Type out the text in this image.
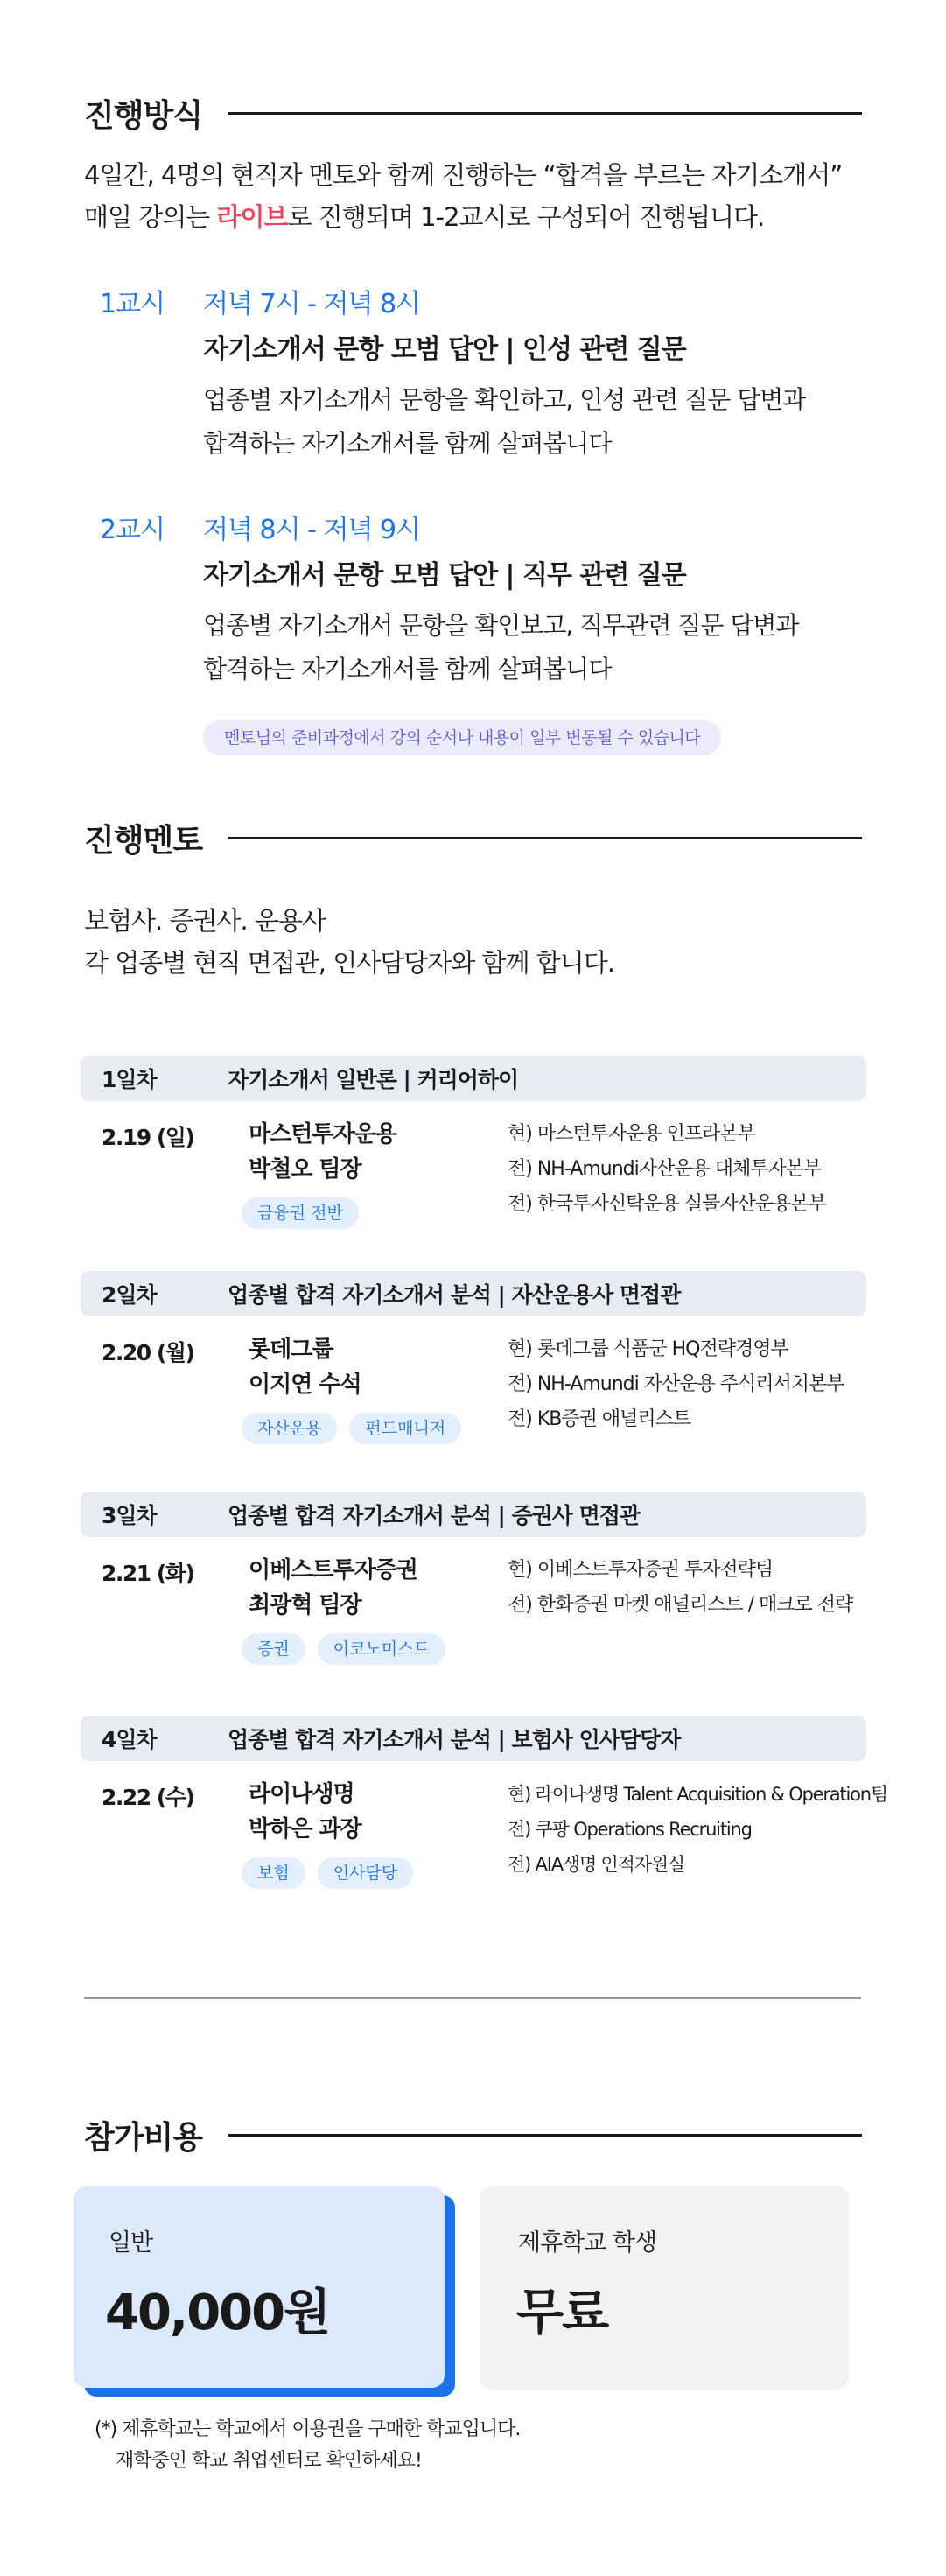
진행방식
4일간, 4명의 현직자 멘토와 함께 진행하는 “합격을 부르는 자기소개서”
매일 강의는 라이브로 진행되며 1-2교시로 구성되어 진행됩니다.
1교시 저녁 7시 - 저녁 8시
자기소개서 문항 모범 답안 | 인성 관련 질문
업종별 자기소개서 문항을 확인하고, 인성 관련 질문 답변과
합격하는 자기소개서를 함께 살펴봅니다
2교시 저녁 8시 - 저녁 9시
자기소개서 문항 모범 답안 | 직무 관련 질문
업종별 자기소개서 문항을 확인보고, 직무관련 질문 답변과
합격하는 자기소개서를 함께 살펴봅니다
멘토님의 준비과정에서 강의 순서나 내용이 일부 변동될 수 있습니다
진행멘토
보험사. 증권사. 운용사
각 업종별 현직 면접관, 인사담당자와 함께 합니다.
1일차	자기소개서 일반론 | 커리어하이
2.19 (일) 마스턴투자운용
박철오 팀장
금융권 전반
현) 마스턴투자운용 인프라본부
전) NH-Amundi자산운용 대체투자본부
전) 한국투자신탁운용 실물자산운용본부
2일차	업종별 합격 자기소개서 분석 | 자산운용사 면접관
2.20 (월) 롯데그룹
이지연 수석
자산운용	펀드매니저
현) 롯데그룹 식품군 HQ전략경영부
전) NH-Amundi 자산운용 주식리서치본부
전) KB증권 애널리스트
3일차	업종별 합격 자기소개서 분석 | 증권사 면접관
2.21 (화) 이베스트투자증권
최광혁 팀장
증권	이코노미스트
현) 이베스트투자증권 투자전략팀
전) 한화증권 마켓 애널리스트 / 매크로 전략
4일차	업종별 합격 자기소개서 분석 | 보험사 인사담당자
2.22 (수) 라이나생명
박하은 과장
보험	인사담당
현) 라이나생명 Talent Acquisition & Operation팀
전) 쿠팡 Operations Recruiting
전) AIA생명 인적자원실
참가비용
일반
40,000원
제휴학교 학생
무료
(*) 제휴학교는 학교에서 이용권을 구매한 학교입니다.
재학중인 학교 취업센터로 확인하세요!
